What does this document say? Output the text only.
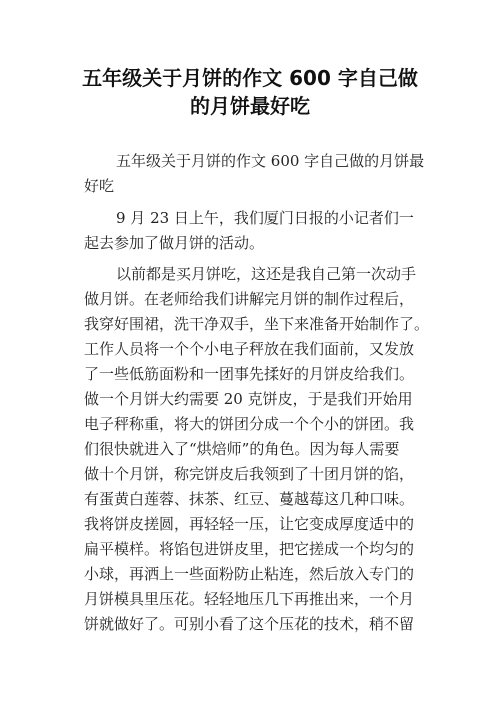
五年级关于月饼的作文 600 字自己做
的月饼最好吃
五年级关于月饼的作文 600 字自己做的月饼最
好吃
9 月 23 日上午，我们厦门日报的小记者们一
起去参加了做月饼的活动。
以前都是买月饼吃，这还是我自己第一次动手
做月饼。在老师给我们讲解完月饼的制作过程后，
我穿好围裙，洗干净双手，坐下来准备开始制作了。
工作人员将一个个小电子秤放在我们面前，又发放
了一些低筋面粉和一团事先揉好的月饼皮给我们。
做一个月饼大约需要 20 克饼皮，于是我们开始用
电子秤称重，将大的饼团分成一个个小的饼团。我
们很快就进入了“烘焙师”的角色。因为每人需要
做十个月饼，称完饼皮后我领到了十团月饼的馅，
有蛋黄白莲蓉、抹茶、红豆、蔓越莓这几种口味。
我将饼皮搓圆，再轻轻一压，让它变成厚度适中的
扁平模样。将馅包进饼皮里，把它搓成一个均匀的
小球，再洒上一些面粉防止粘连，然后放入专门的
月饼模具里压花。轻轻地压几下再推出来，一个月
饼就做好了。可别小看了这个压花的技术，稍不留
